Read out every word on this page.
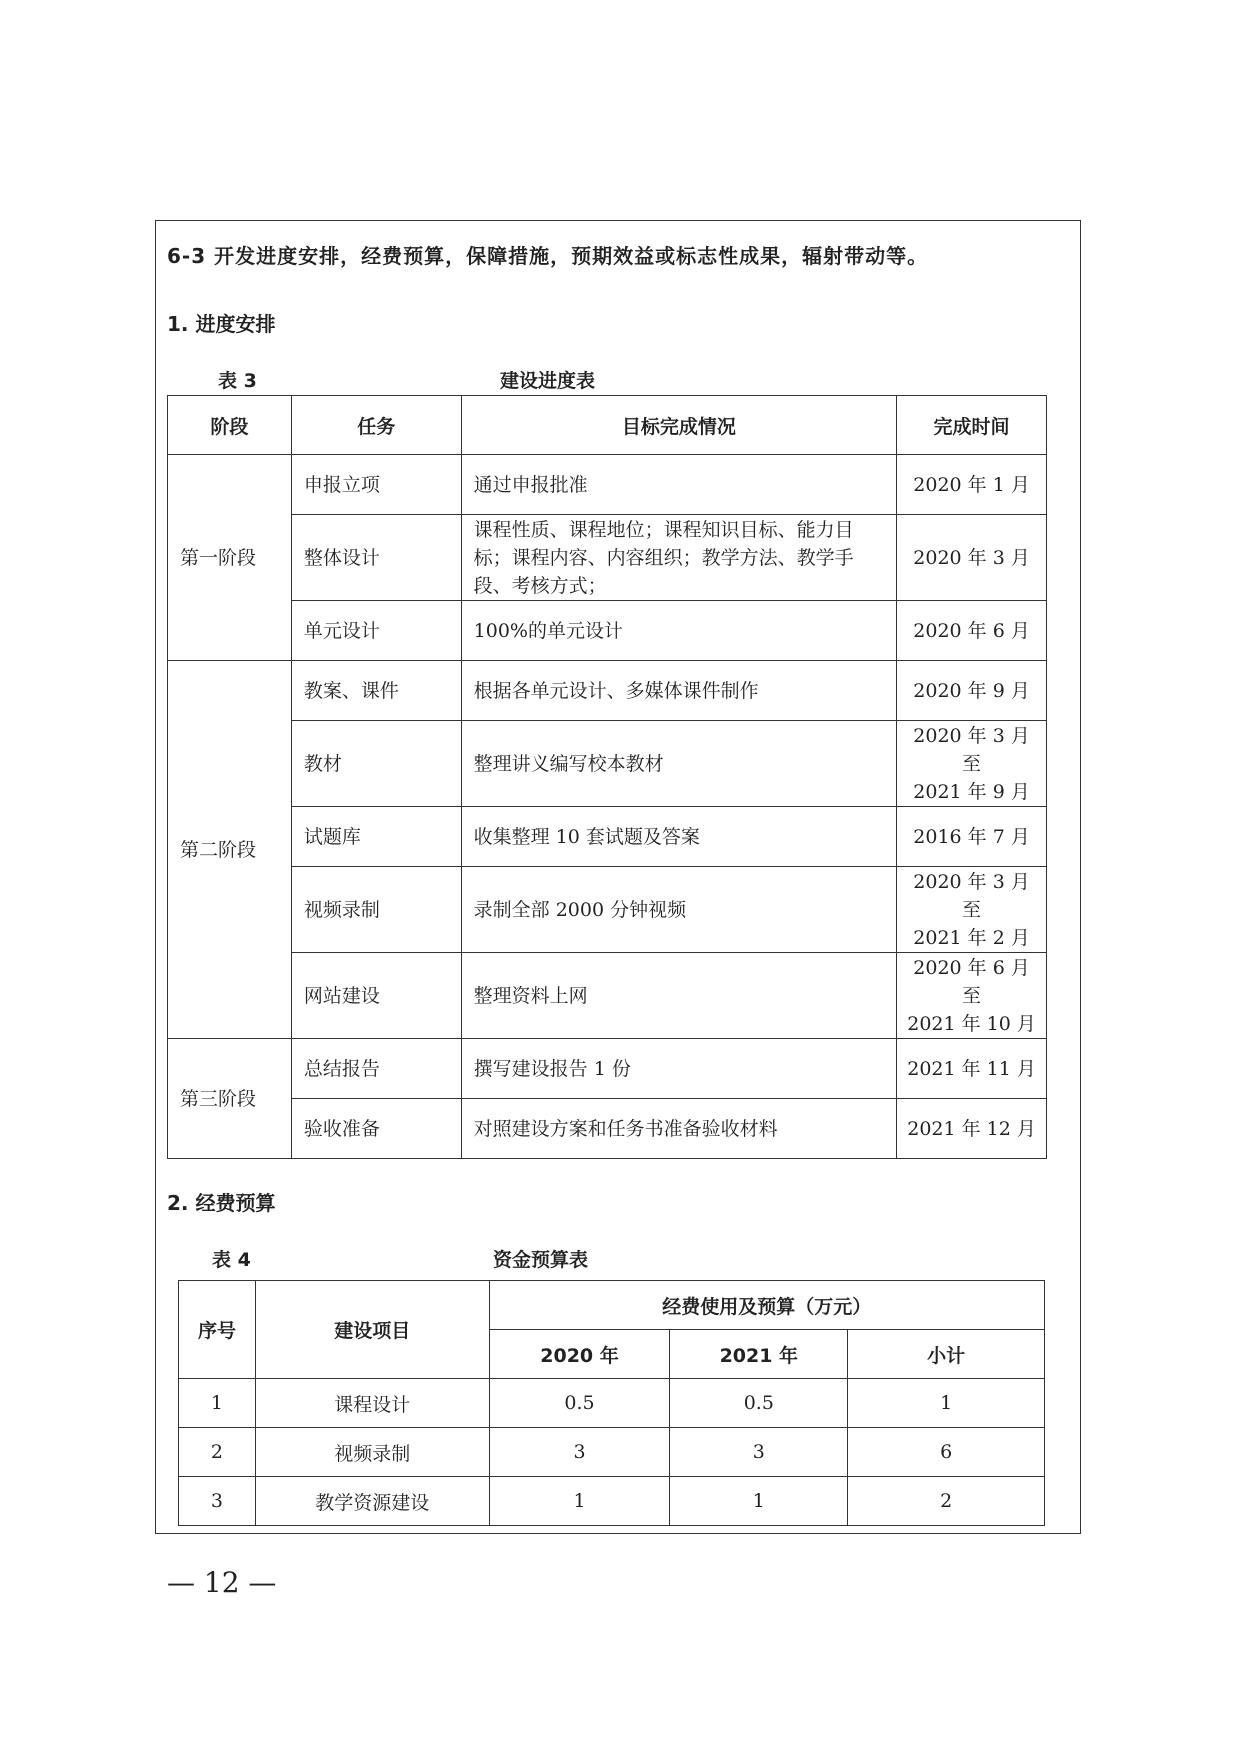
6-3 开发进度安排，经费预算，保障措施，预期效益或标志性成果，辐射带动等。
1. 进度安排
表 3	建设进度表
阶段	任务	目标完成情况	完成时间
第一阶段	申报立项	通过申报批准	2020 年 1 月
	整体设计	课程性质、课程地位；课程知识目标、能力目标；课程内容、内容组织；教学方法、教学手段、考核方式；	2020 年 3 月
	单元设计	100%的单元设计	2020 年 6 月
第二阶段	教案、课件	根据各单元设计、多媒体课件制作	2020 年 9 月
	教材	整理讲义编写校本教材	2020 年 3 月
至
2021 年 9 月

	试题库	收集整理 10 套试题及答案	2016 年 7 月
	视频录制	录制全部 2000 分钟视频	2020 年 3 月
至
2021 年 2 月

	网站建设	整理资料上网	2020 年 6 月
至
2021 年 10 月

第三阶段	总结报告	撰写建设报告 1 份	2021 年 11 月
	验收准备	对照建设方案和任务书准备验收材料	2021 年 12 月
2. 经费预算
表 4	资金预算表
序号	建设项目	经费使用及预算（万元）		
		2020 年	2021 年	小计
1	课程设计	0.5	0.5	1
2	视频录制	3	3	6
3	教学资源建设	1	1	2
— 12 —
